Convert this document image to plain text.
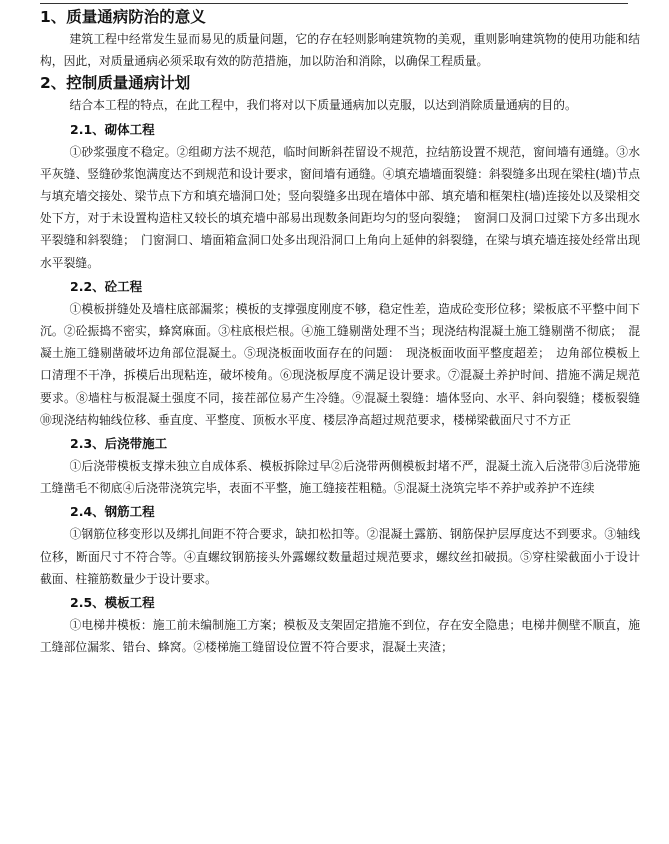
1、质量通病防治的意义

建筑工程中经常发生显而易见的质量问题，它的存在轻则影响建筑物的美观，重则影响建筑物的使用功能和结构，因此，对质量通病必须采取有效的防范措施，加以防治和消除，以确保工程质量。

2、控制质量通病计划

结合本工程的特点，在此工程中，我们将对以下质量通病加以克服，以达到消除质量通病的目的。

2.1、砌体工程

①砂浆强度不稳定。②组砌方法不规范，临时间断斜茬留设不规范，拉结筋设置不规范，窗间墙有通缝。③水平灰缝、竖缝砂浆饱满度达不到规范和设计要求，窗间墙有通缝。④填充墙墙面裂缝：斜裂缝多出现在梁柱(墙)节点与填充墙交接处、梁节点下方和填充墙洞口处；竖向裂缝多出现在墙体中部、填充墙和框架柱(墙)连接处以及梁相交处下方，对于未设置构造柱又较长的填充墙中部易出现数条间距均匀的竖向裂缝；　窗洞口及洞口过梁下方多出现水平裂缝和斜裂缝；　门窗洞口、墙面箱盒洞口处多出现沿洞口上角向上延伸的斜裂缝，在梁与填充墙连接处经常出现水平裂缝。

2.2、砼工程

①模板拼缝处及墙柱底部漏浆；模板的支撑强度刚度不够，稳定性差，造成砼变形位移；梁板底不平整中间下沉。②砼振捣不密实，蜂窝麻面。③柱底根烂根。④施工缝剔凿处理不当；现浇结构混凝土施工缝剔凿不彻底；　混凝土施工缝剔凿破坏边角部位混凝土。⑤现浇板面收面存在的问题：　现浇板面收面平整度超差；　边角部位模板上口清理不干净，拆模后出现粘连，破坏棱角。⑥现浇板厚度不满足设计要求。⑦混凝土养护时间、措施不满足规范要求。⑧墙柱与板混凝土强度不同，接茬部位易产生冷缝。⑨混凝土裂缝：墙体竖向、水平、斜向裂缝；楼板裂缝⑩现浇结构轴线位移、垂直度、平整度、顶板水平度、楼层净高超过规范要求，楼梯梁截面尺寸不方正

2.3、后浇带施工

①后浇带模板支撑未独立自成体系、模板拆除过早②后浇带两侧模板封堵不严，混凝土流入后浇带③后浇带施工缝凿毛不彻底④后浇带浇筑完毕，表面不平整，施工缝接茬粗糙。⑤混凝土浇筑完毕不养护或养护不连续

2.4、钢筋工程

①钢筋位移变形以及绑扎间距不符合要求，缺扣松扣等。②混凝土露筋、钢筋保护层厚度达不到要求。③轴线位移，断面尺寸不符合等。④直螺纹钢筋接头外露螺纹数量超过规范要求，螺纹丝扣破损。⑤穿柱梁截面小于设计截面、柱箍筋数量少于设计要求。

2.5、模板工程

①电梯井模板：施工前未编制施工方案；模板及支架固定措施不到位，存在安全隐患；电梯井侧壁不顺直，施工缝部位漏浆、错台、蜂窝。②楼梯施工缝留设位置不符合要求，混凝土夹渣；
